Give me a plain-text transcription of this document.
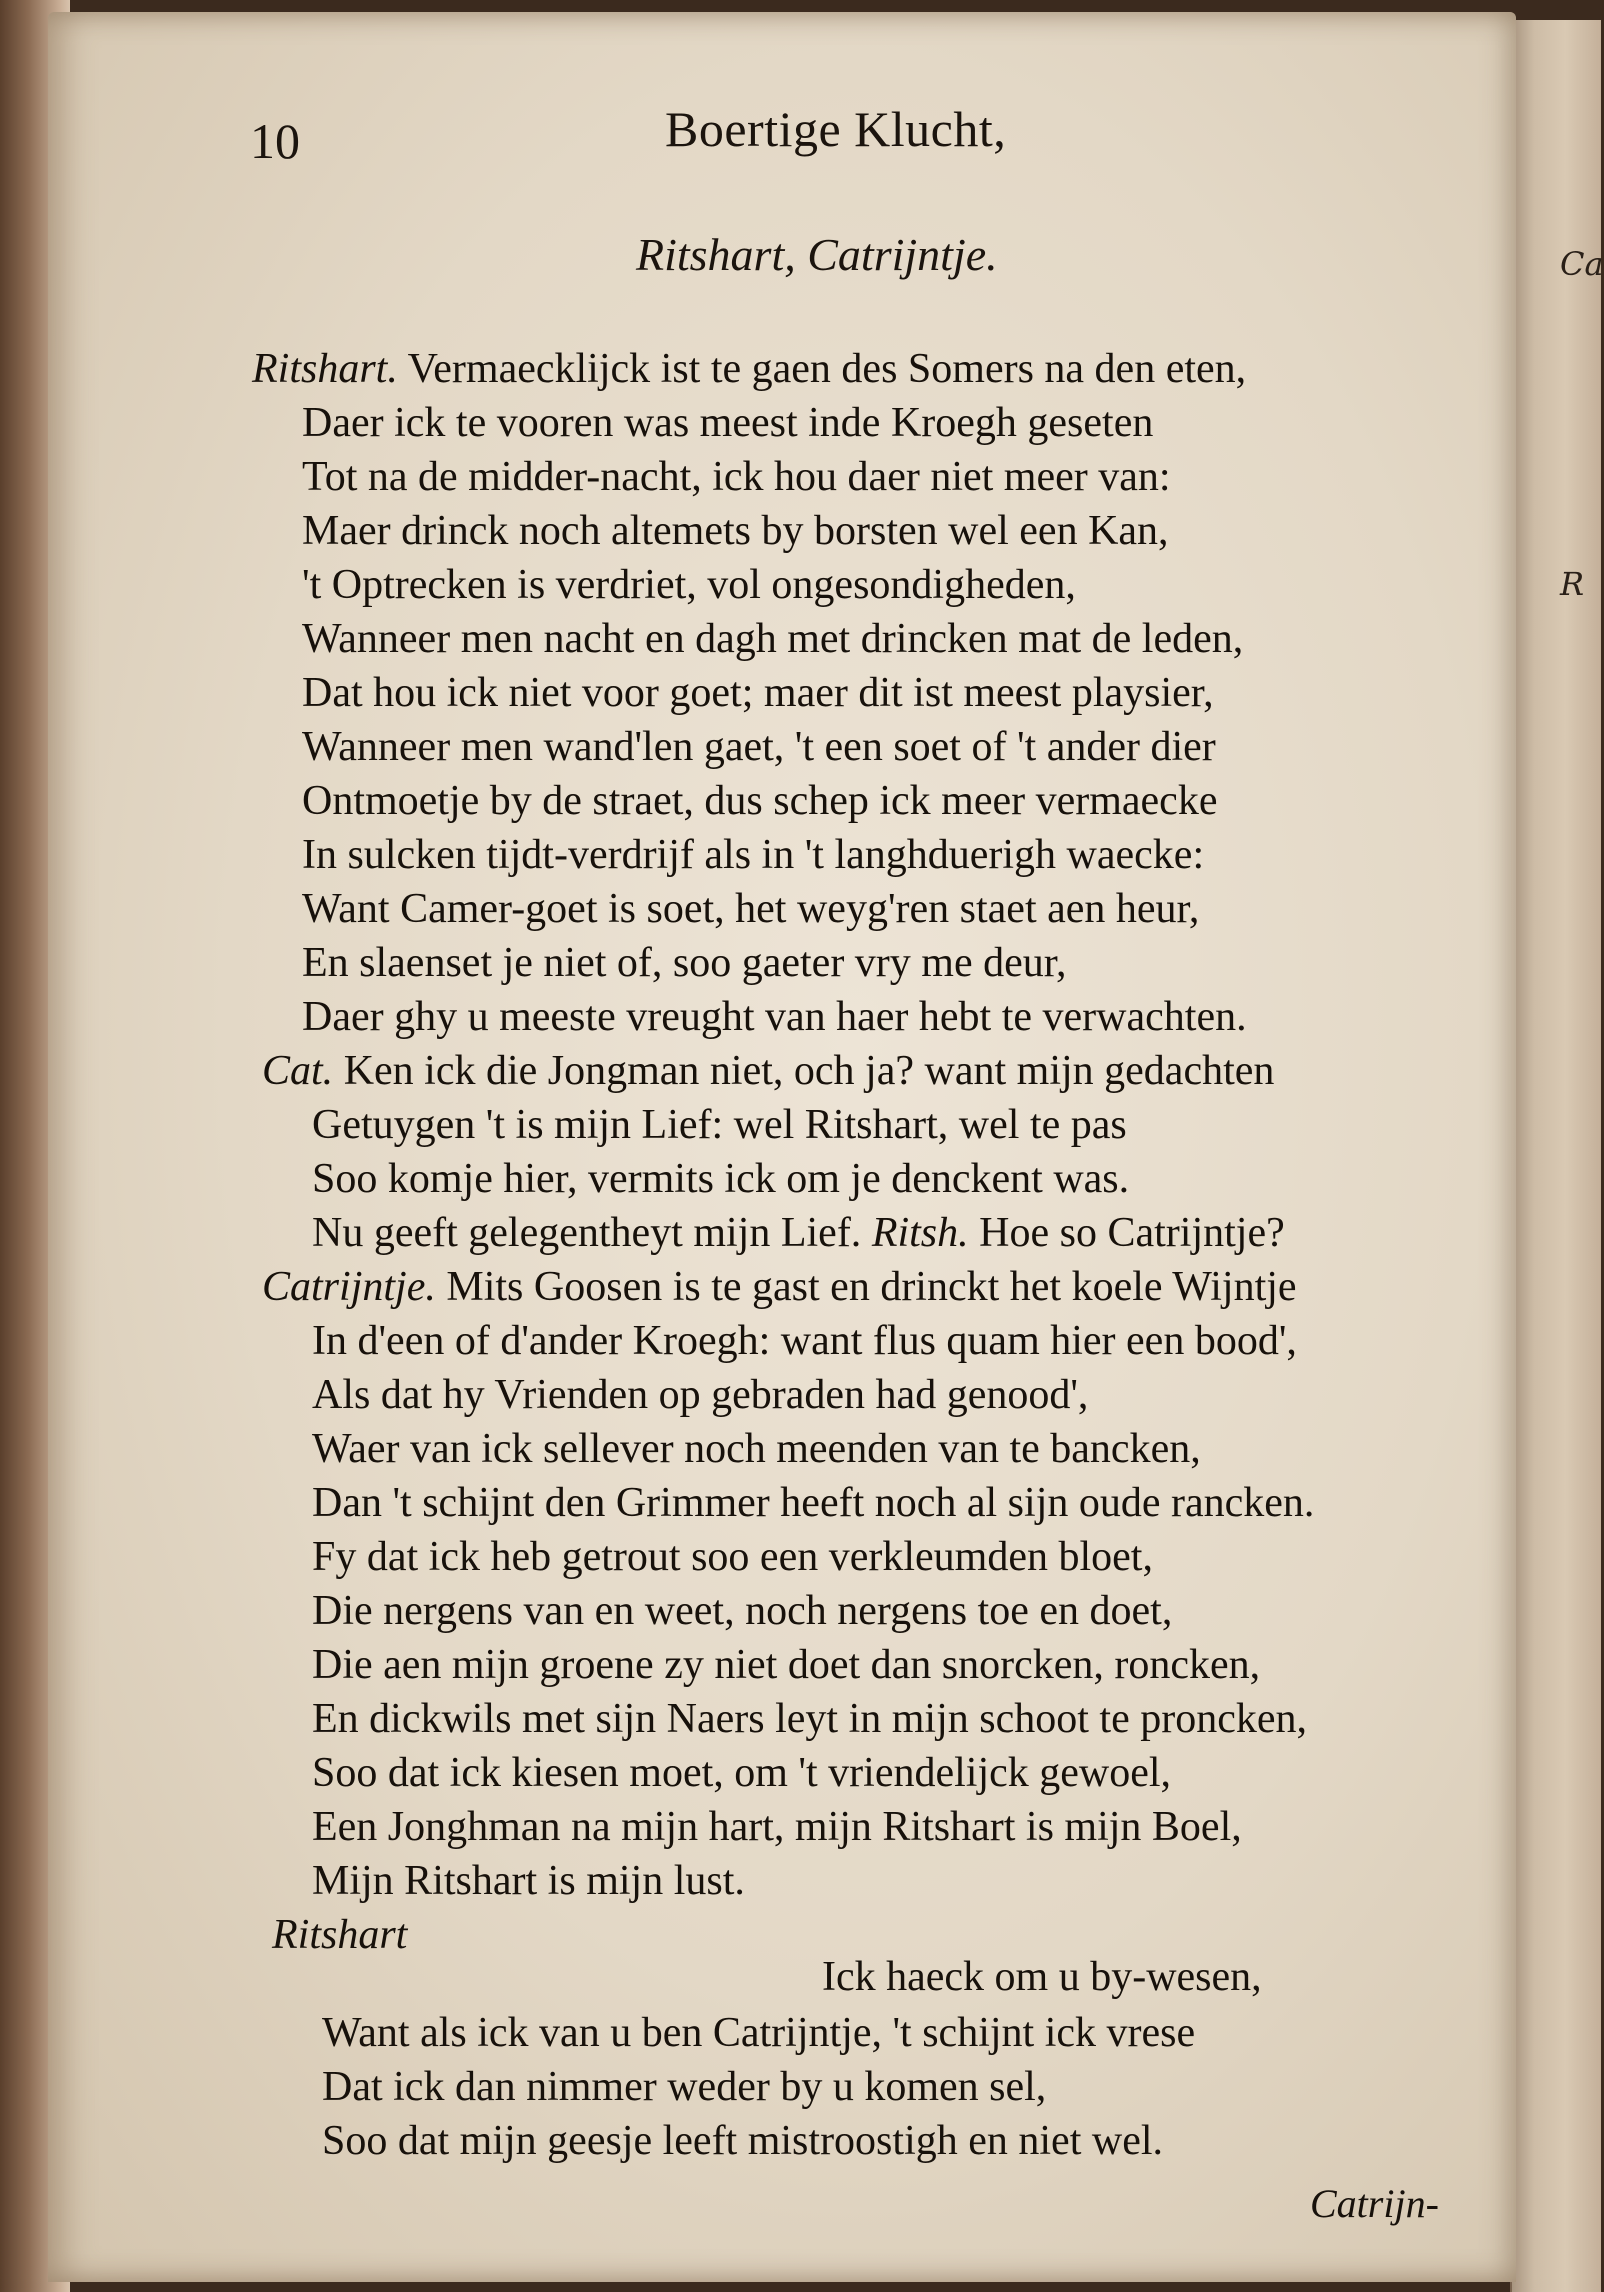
Ca
R
10	Boertige Klucht,
Ritshart, Catrijntje.
Ritshart. Vermaecklijck ist te gaen des Somers na den eten,
Daer ick te vooren was meest inde Kroegh geseten
Tot na de midder-nacht, ick hou daer niet meer van:
Maer drinck noch altemets by borsten wel een Kan,
't Optrecken is verdriet, vol ongesondigheden,
Wanneer men nacht en dagh met drincken mat de leden,
Dat hou ick niet voor goet; maer dit ist meest playsier,
Wanneer men wand'len gaet, 't een soet of 't ander dier
Ontmoetje by de straet, dus schep ick meer vermaecke
In sulcken tijdt-verdrijf als in 't langhduerigh waecke:
Want Camer-goet is soet, het weyg'ren staet aen heur,
En slaenset je niet of, soo gaeter vry me deur,
Daer ghy u meeste vreught van haer hebt te verwachten.
Cat. Ken ick die Jongman niet, och ja? want mijn gedachten
Getuygen 't is mijn Lief: wel Ritshart, wel te pas
Soo komje hier, vermits ick om je denckent was.
Nu geeft gelegentheyt mijn Lief. Ritsh. Hoe so Catrijntje?
Catrijntje. Mits Goosen is te gast en drinckt het koele Wijntje
In d'een of d'ander Kroegh: want flus quam hier een bood',
Als dat hy Vrienden op gebraden had genood',
Waer van ick sellever noch meenden van te bancken,
Dan 't schijnt den Grimmer heeft noch al sijn oude rancken.
Fy dat ick heb getrout soo een verkleumden bloet,
Die nergens van en weet, noch nergens toe en doet,
Die aen mijn groene zy niet doet dan snorcken, roncken,
En dickwils met sijn Naers leyt in mijn schoot te proncken,
Soo dat ick kiesen moet, om 't vriendelijck gewoel,
Een Jonghman na mijn hart, mijn Ritshart is mijn Boel,
Mijn Ritshart is mijn lust.
Ritshart
Ick haeck om u by-wesen,
Want als ick van u ben Catrijntje, 't schijnt ick vrese
Dat ick dan nimmer weder by u komen sel,
Soo dat mijn geesje leeft mistroostigh en niet wel.
Catrijn-
